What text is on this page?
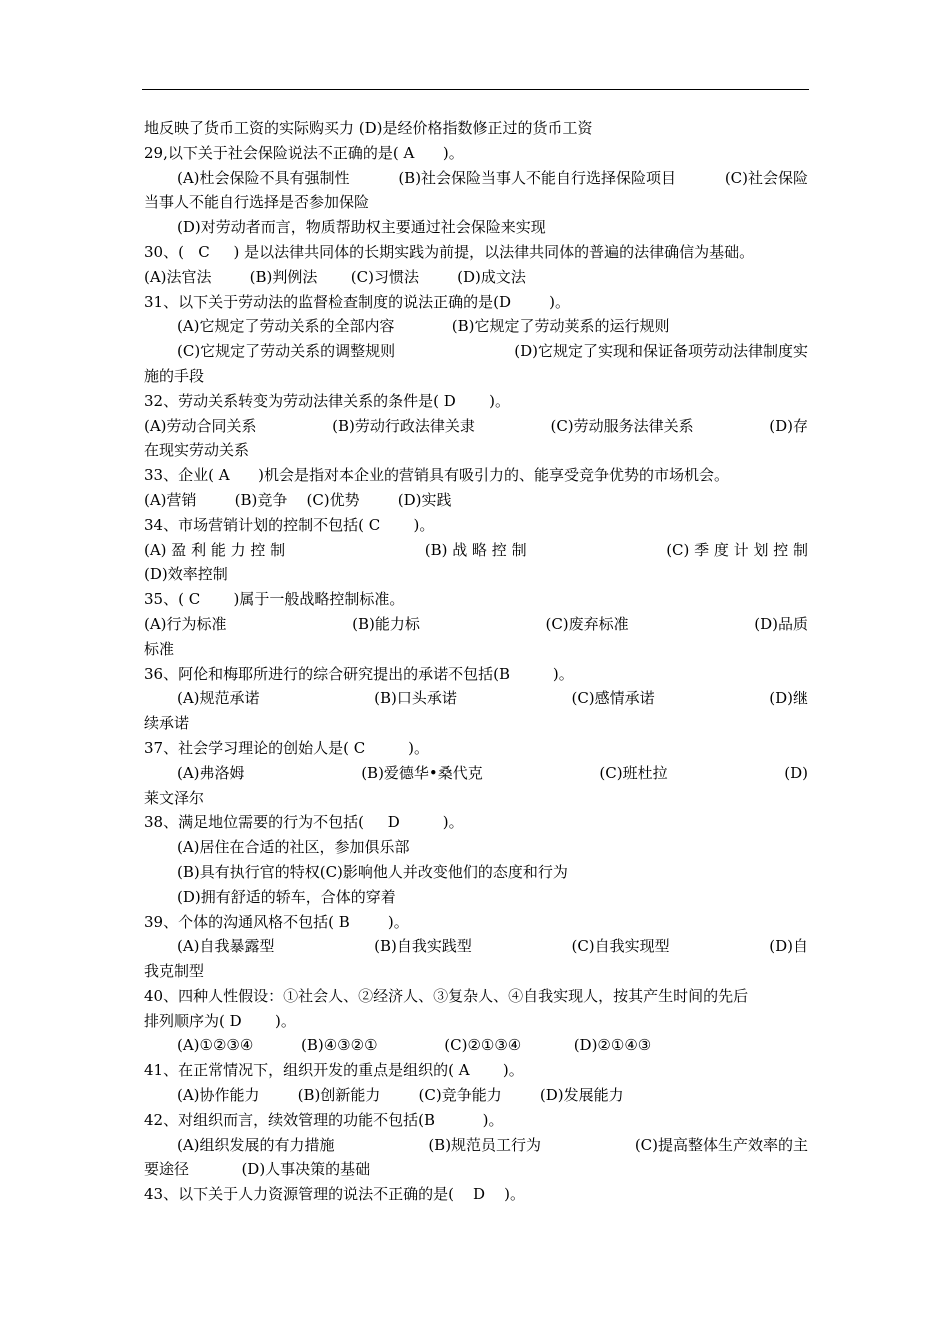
地反映了货币工资的实际购买力 (D)是经价格指数修正过的货币工资
29,以下关于社会保险说法不正确的是( A      )。
(A)杜会保险不具有强制性	(B)社会保险当事人不能自行选择保险项目	(C)社会保险
当事人不能自行选择是否参加保险
(D)对劳动者而言，物质帮助权主要通过社会保险来实现
30、(   C     ) 是以法律共同体的长期实践为前提，以法律共同体的普遍的法律确信为基础。
(A)法官法        (B)判例法       (C)习惯法        (D)成文法
31、以下关于劳动法的监督检查制度的说法正确的是(D        )。
(A)它规定了劳动关系的全部内容            (B)它规定了劳动荚系的运行规则
(C)它规定了劳动关系的调整规则	(D)它规定了实现和保证备项劳动法律制度实
施的手段
32、劳动关系转变为劳动法律关系的条件是( D       )。
(A)劳动合同关系	(B)劳动行政法律关隶	(C)劳动服务法律关系	(D)存
在现实劳动关系
33、企业( A      )机会是指对本企业的营销具有吸引力的、能享受竞争优势的市场机会。
(A)营销        (B)竞争    (C)优势        (D)实践
34、市场营销计划的控制不包括( C       )。
(A) 盈 利 能 力 控 制	(B) 战 略 控 制	(C) 季 度 计 划 控 制
(D)效率控制
35、( C       )属于一般战略控制标准。
(A)行为标准	(B)能力标	(C)废弃标准	(D)品质
标准
36、阿伦和梅耶所进行的综合研究提出的承诺不包括(B         )。
(A)规范承诺	(B)口头承诺	(C)感情承诺	(D)继
续承诺
37、社会学习理论的创始人是( C         )。
(A)弗洛姆	(B)爱德华•桑代克	(C)班杜拉	(D)
莱文泽尔
38、满足地位需要的行为不包括(     D         )。
(A)居住在合适的社区，参加俱乐部
(B)具有执行官的特权(C)影响他人并改变他们的态度和行为
(D)拥有舒适的轿车，合体的穿着
39、个体的沟通风格不包括( B        )。
(A)自我暴露型	(B)自我实践型	(C)自我实现型	(D)自
我克制型
40、四种人性假设：①社会人、②经济人、③复杂人、④自我实现人，按其产生时间的先后
排列顺序为( D       )。
(A)①②③④          (B)④③②①              (C)②①③④           (D)②①④③
41、在正常情况下，组织开发的重点是组织的( A       )。
(A)协作能力        (B)创新能力        (C)竞争能力        (D)发展能力
42、对组织而言，续效管理的功能不包括(B          )。
(A)组织发展的有力措施	(B)规范员工行为	(C)提高整体生产效率的主
要途径           (D)人事决策的基础
43、以下关于人力资源管理的说法不正确的是(    D    )。
